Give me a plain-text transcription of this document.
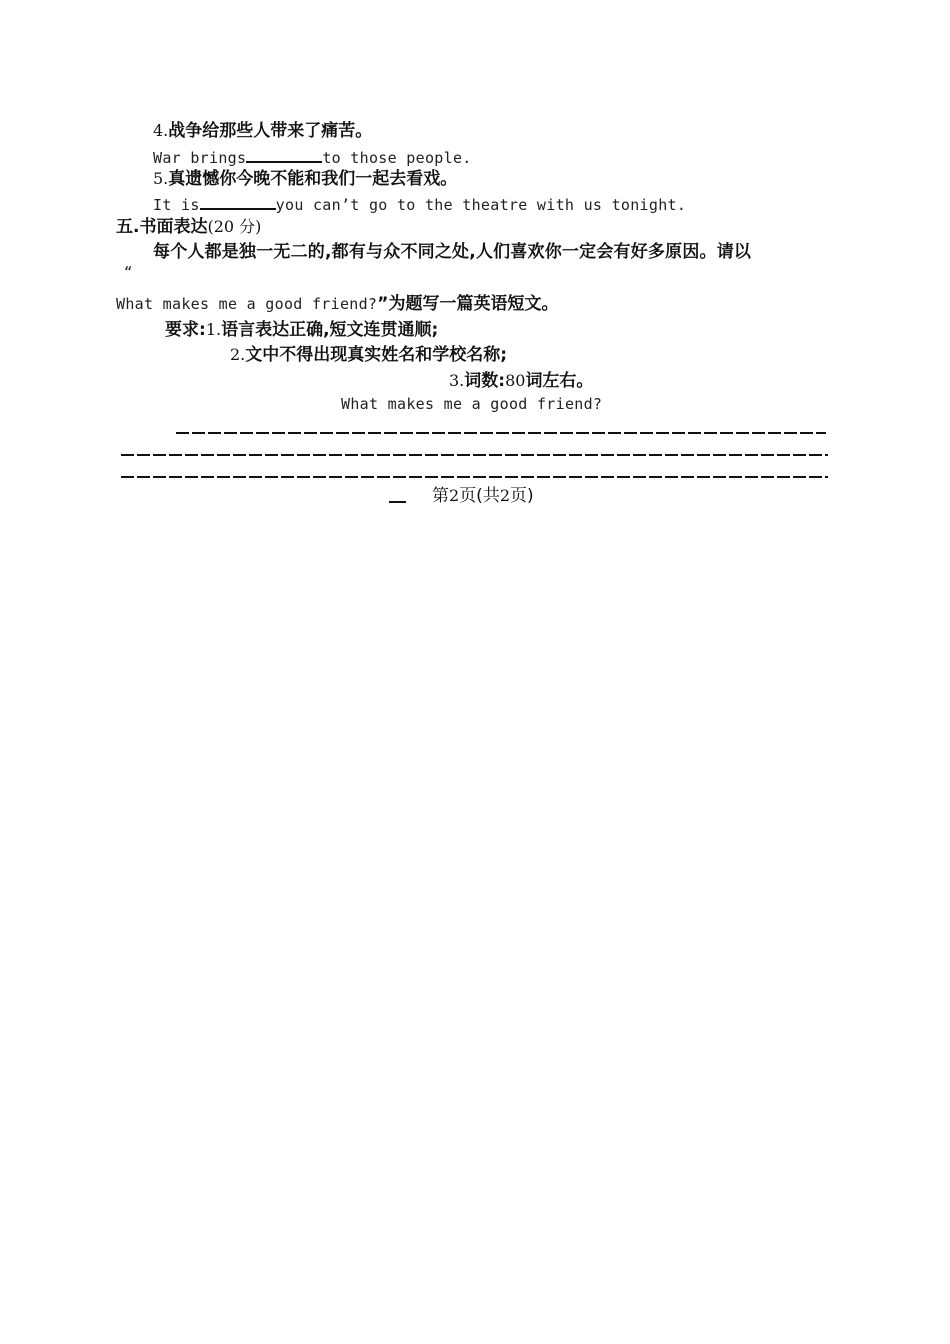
4.战争给那些人带来了痛苦。
War brings	to those people.
5.真遗憾你今晚不能和我们一起去看戏。
It is	you can’t go to the theatre with us tonight.
五.书面表达(20 分)
每个人都是独一无二的,都有与众不同之处,人们喜欢你一定会有好多原因。请以
“
What makes me a good friend?”为题写一篇英语短文。
要求:1.语言表达正确,短文连贯通顺;
2.文中不得出现真实姓名和学校名称;
3.词数:80词左右。
What makes me a good friend?
第2页(共2页)
